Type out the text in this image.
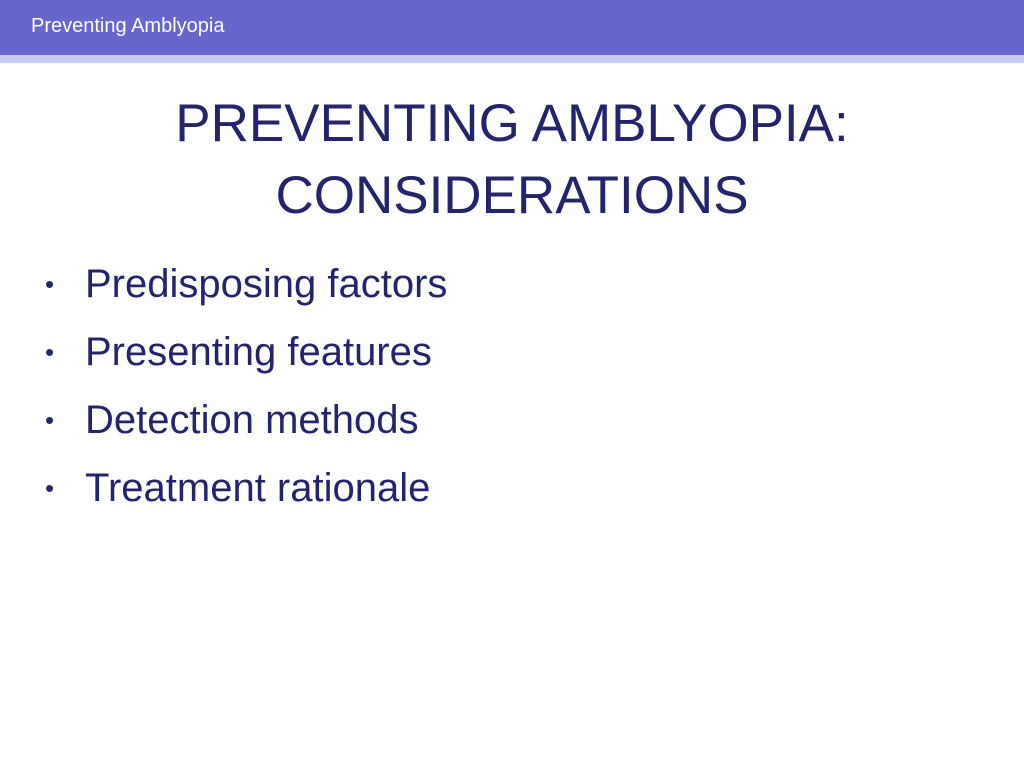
Preventing Amblyopia
PREVENTING AMBLYOPIA:
CONSIDERATIONS
• Predisposing factors
• Presenting features
• Detection methods
• Treatment rationale
